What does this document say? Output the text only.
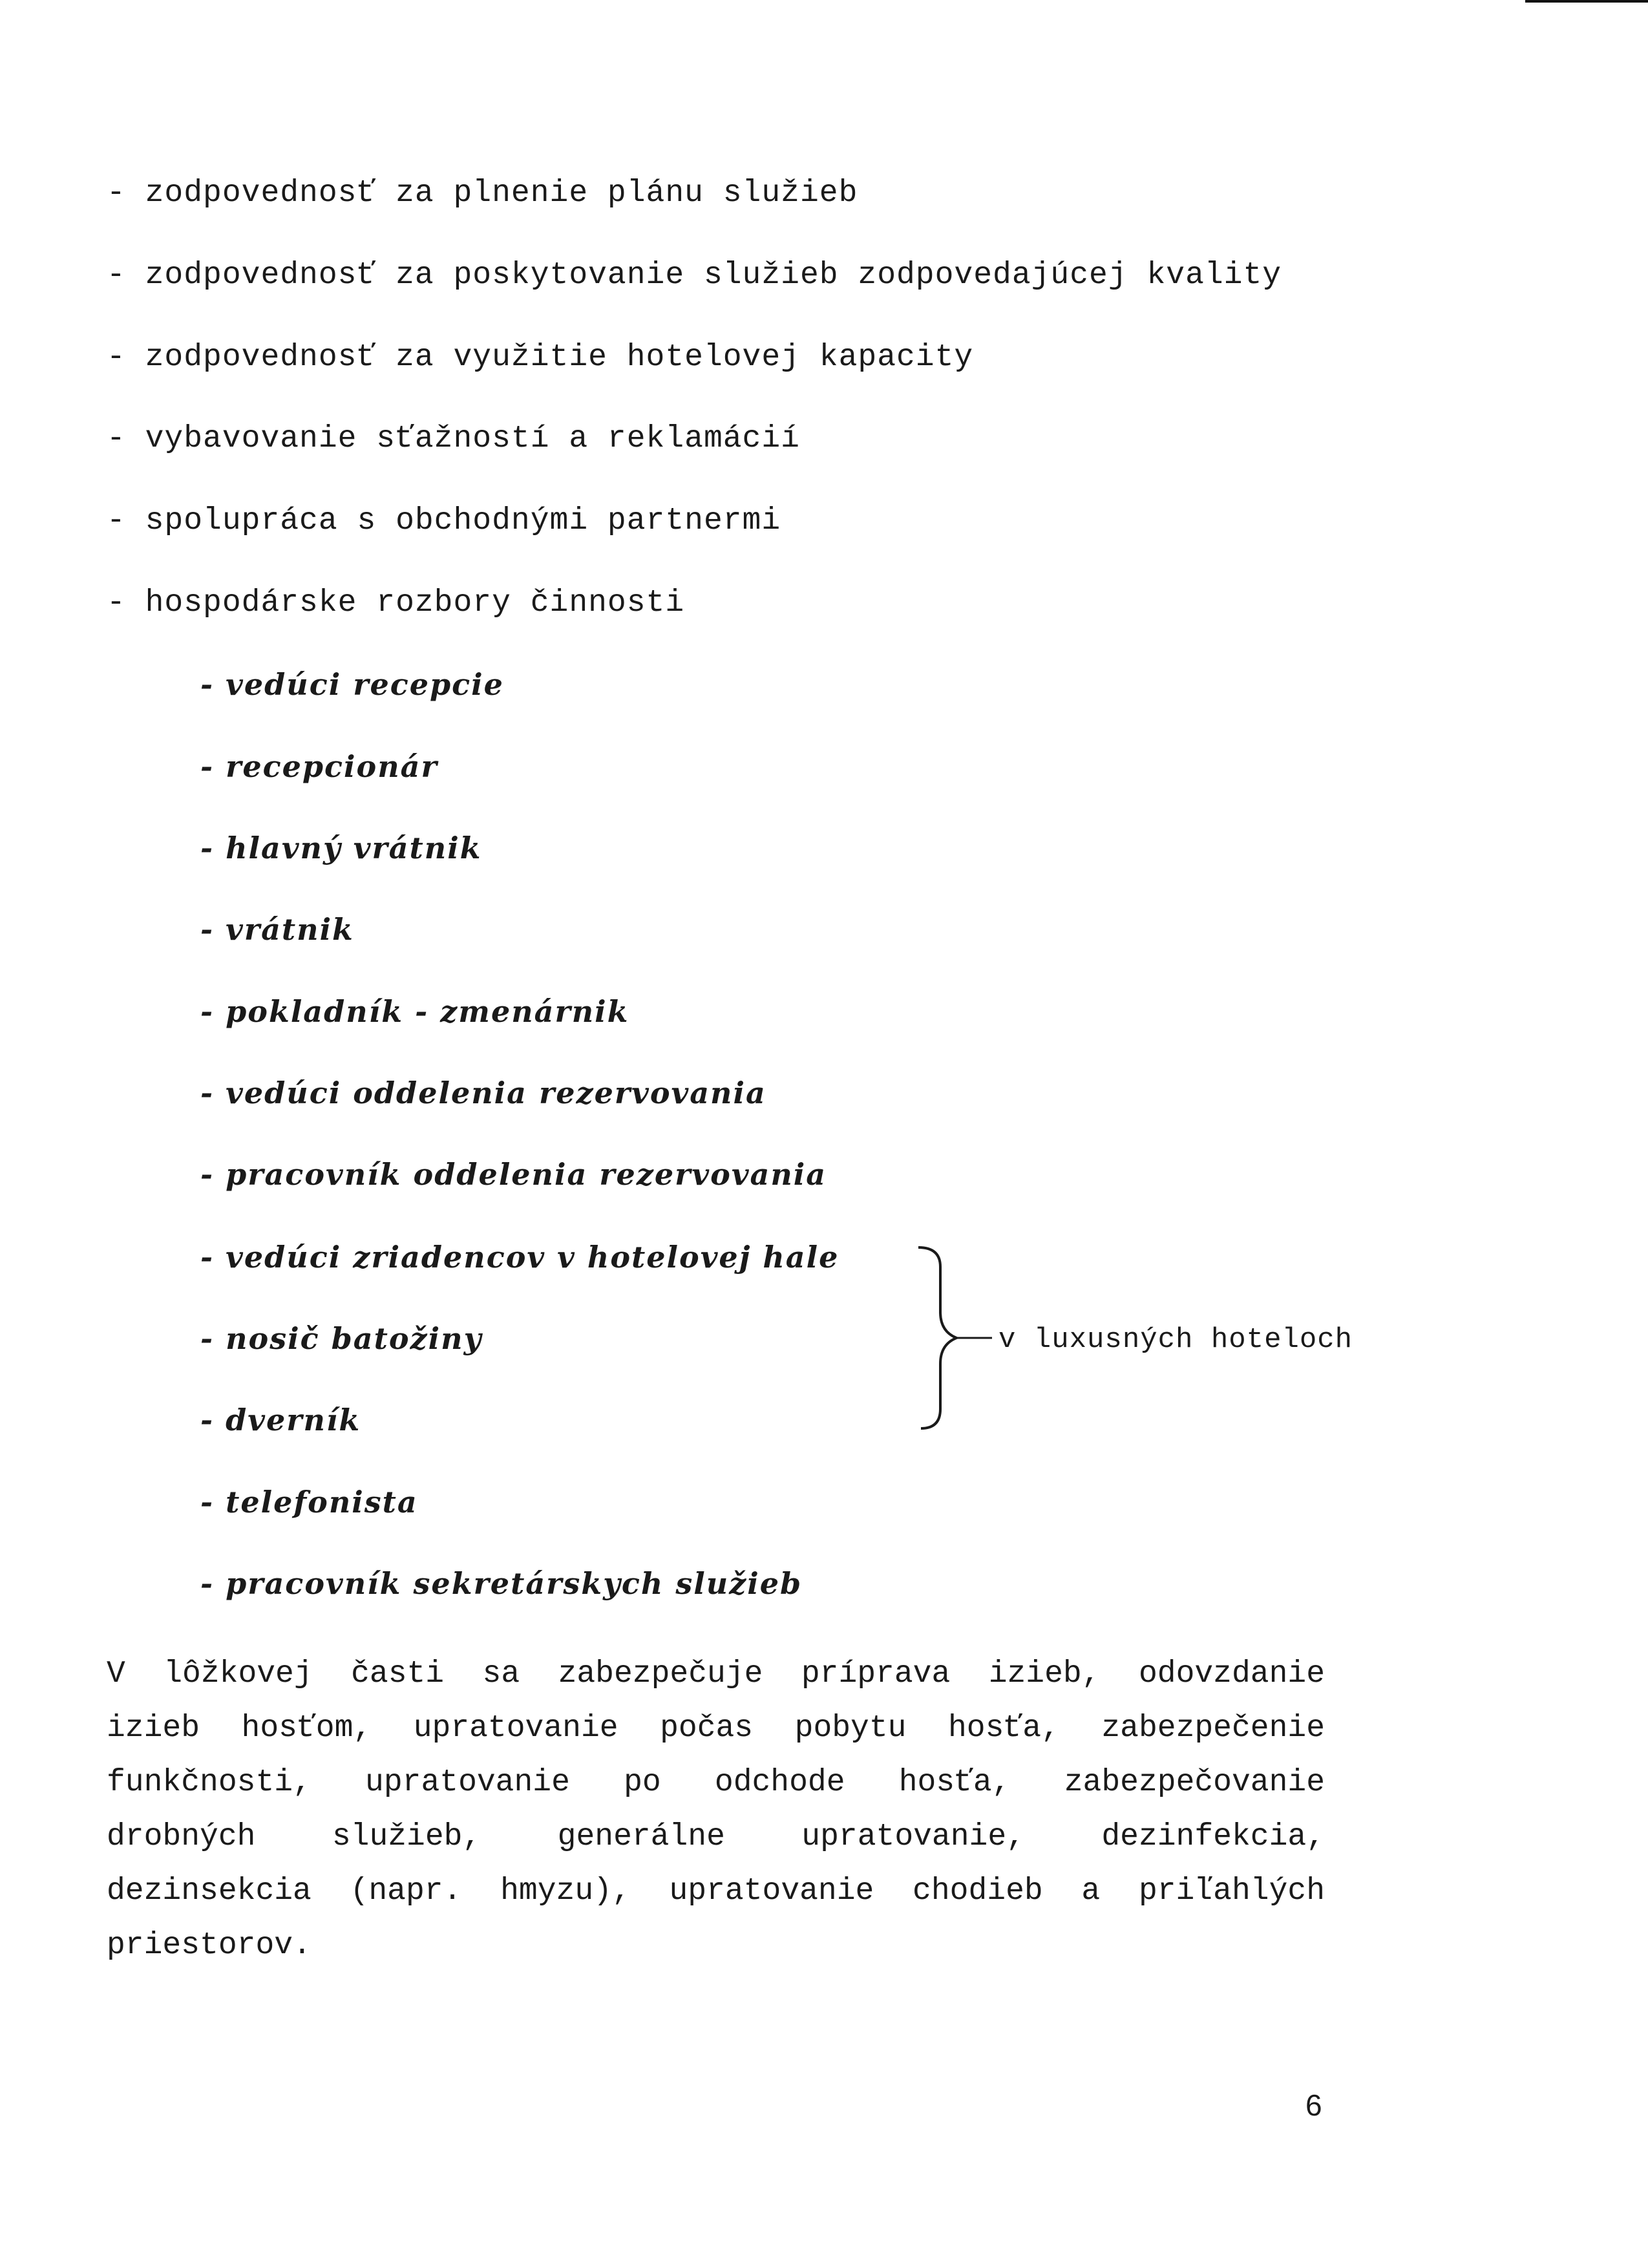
- zodpovednosť za plnenie plánu služieb
- zodpovednosť za poskytovanie služieb zodpovedajúcej kvality
- zodpovednosť za využitie hotelovej kapacity
- vybavovanie sťažností a reklamácií
- spolupráca s obchodnými partnermi
- hospodárske rozbory činnosti
- vedúci recepcie
- recepcionár
- hlavný vrátnik
- vrátnik
- pokladník - zmenárnik
- vedúci oddelenia rezervovania
- pracovník oddelenia rezervovania
- vedúci zriadencov v hotelovej hale
- nosič batožiny
- dverník
- telefonista
- pracovník sekretárskych služieb
v luxusných hoteloch
V lôžkovej časti sa zabezpečuje príprava izieb, odovzdanie
izieb hosťom, upratovanie počas pobytu hosťa, zabezpečenie
funkčnosti, upratovanie po odchode hosťa, zabezpečovanie
drobných služieb, generálne upratovanie, dezinfekcia,
dezinsekcia (napr. hmyzu), upratovanie chodieb a priľahlých
priestorov.
6
